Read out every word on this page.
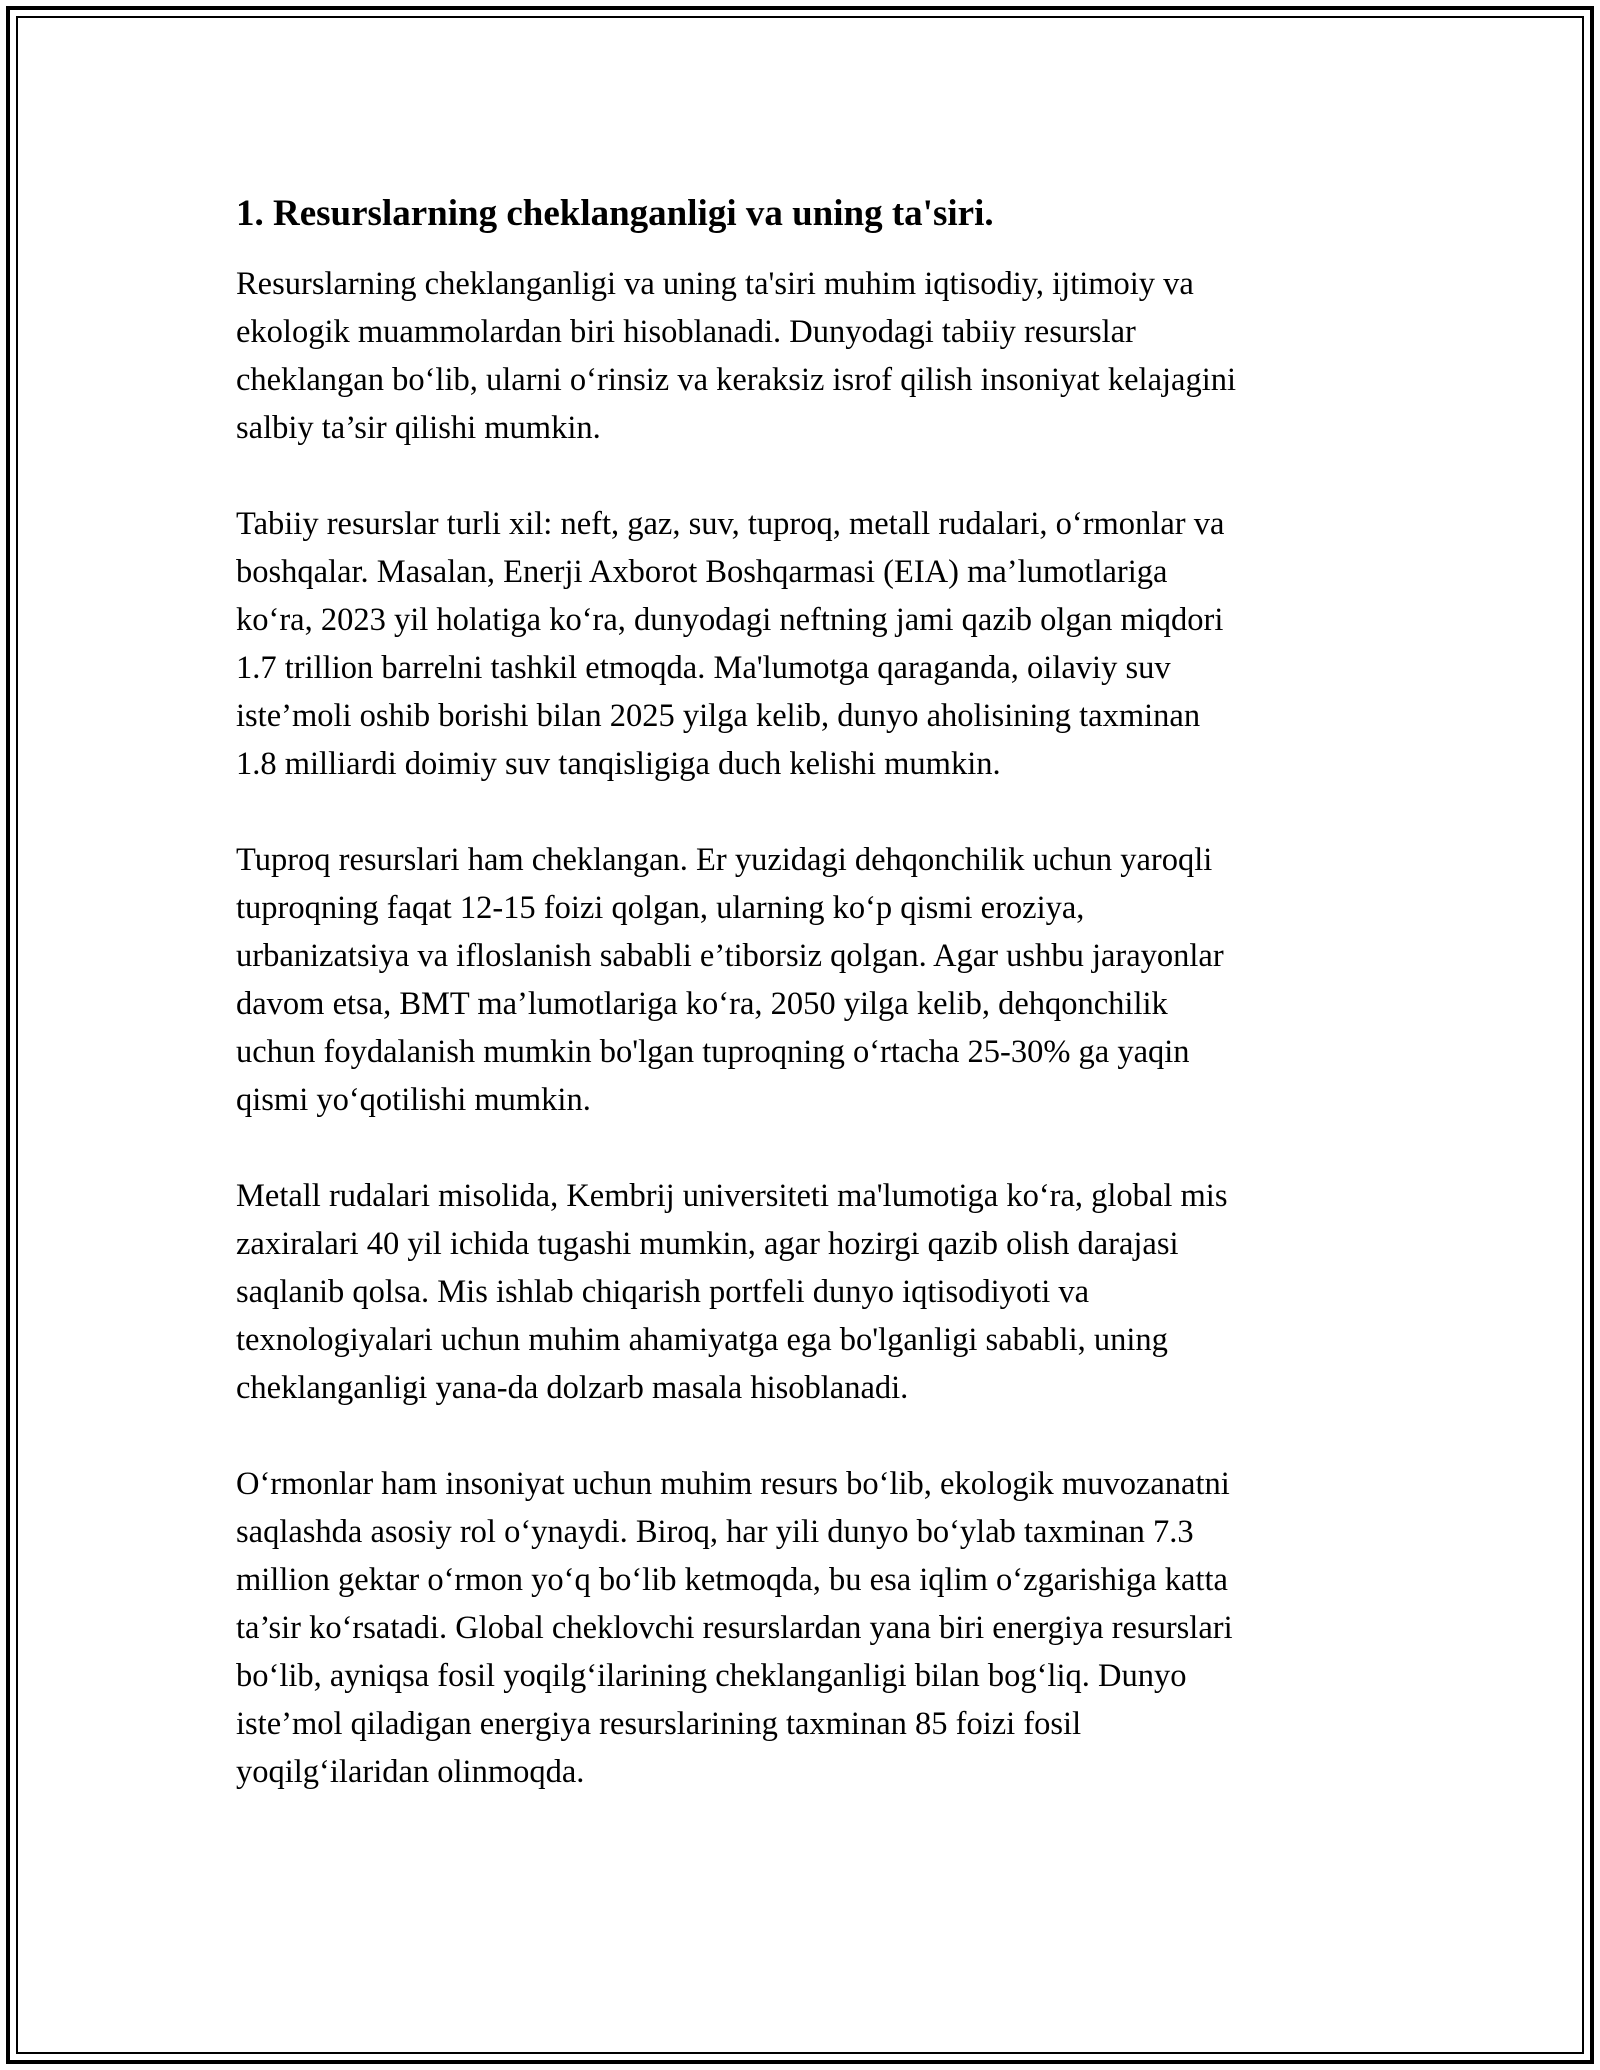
1. Resurslarning cheklanganligi va uning ta'siri.

Resurslarning cheklanganligi va uning ta'siri muhim iqtisodiy, ijtimoiy va
ekologik muammolardan biri hisoblanadi. Dunyodagi tabiiy resurslar
cheklangan boʻlib, ularni oʻrinsiz va keraksiz isrof qilish insoniyat kelajagini
salbiy ta’sir qilishi mumkin.

Tabiiy resurslar turli xil: neft, gaz, suv, tuproq, metall rudalari, oʻrmonlar va
boshqalar. Masalan, Enerji Axborot Boshqarmasi (EIA) ma’lumotlariga
koʻra, 2023 yil holatiga koʻra, dunyodagi neftning jami qazib olgan miqdori
1.7 trillion barrelni tashkil etmoqda. Ma'lumotga qaraganda, oilaviy suv
iste’moli oshib borishi bilan 2025 yilga kelib, dunyo aholisining taxminan
1.8 milliardi doimiy suv tanqisligiga duch kelishi mumkin.

Tuproq resurslari ham cheklangan. Er yuzidagi dehqonchilik uchun yaroqli
tuproqning faqat 12-15 foizi qolgan, ularning koʻp qismi eroziya,
urbanizatsiya va ifloslanish sababli e’tiborsiz qolgan. Agar ushbu jarayonlar
davom etsa, BMT ma’lumotlariga koʻra, 2050 yilga kelib, dehqonchilik
uchun foydalanish mumkin bo'lgan tuproqning oʻrtacha 25-30% ga yaqin
qismi yoʻqotilishi mumkin.

Metall rudalari misolida, Kembrij universiteti ma'lumotiga koʻra, global mis
zaxiralari 40 yil ichida tugashi mumkin, agar hozirgi qazib olish darajasi
saqlanib qolsa. Mis ishlab chiqarish portfeli dunyo iqtisodiyoti va
texnologiyalari uchun muhim ahamiyatga ega bo'lganligi sababli, uning
cheklanganligi yana-da dolzarb masala hisoblanadi.

Oʻrmonlar ham insoniyat uchun muhim resurs boʻlib, ekologik muvozanatni
saqlashda asosiy rol oʻynaydi. Biroq, har yili dunyo boʻylab taxminan 7.3
million gektar oʻrmon yoʻq boʻlib ketmoqda, bu esa iqlim oʻzgarishiga katta
ta’sir koʻrsatadi. Global cheklovchi resurslardan yana biri energiya resurslari
boʻlib, ayniqsa fosil yoqilgʻilarining cheklanganligi bilan bogʻliq. Dunyo
iste’mol qiladigan energiya resurslarining taxminan 85 foizi fosil
yoqilgʻilaridan olinmoqda.
